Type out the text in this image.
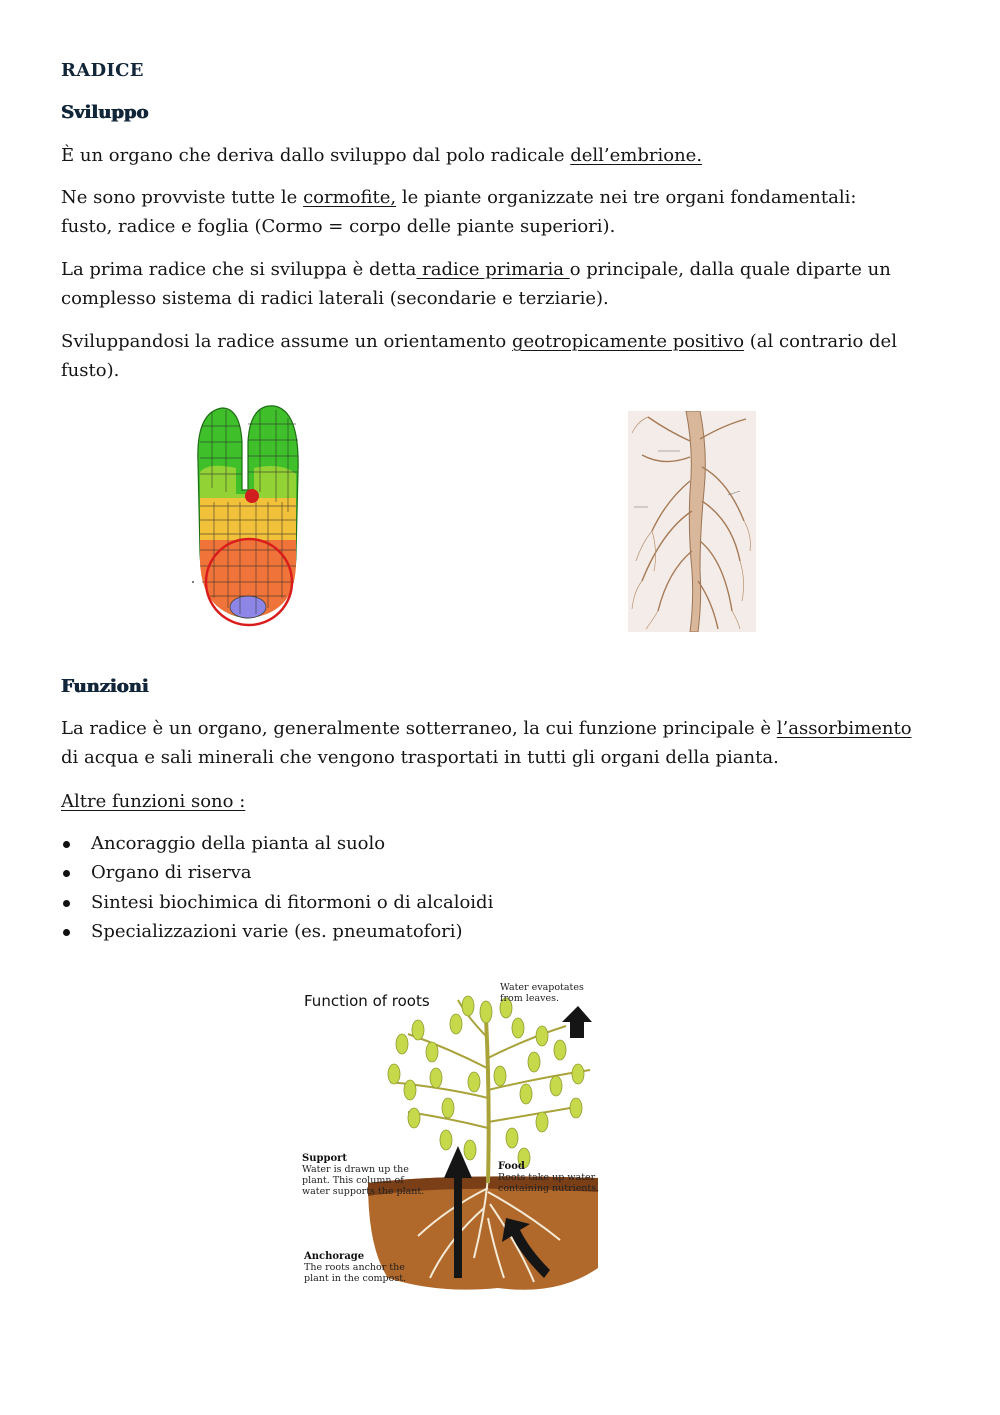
RADICE
Sviluppo

È un organo che deriva dallo sviluppo dal polo radicale dell’embrione.

Ne sono provviste tutte le cormofite, le piante organizzate nei tre organi fondamentali:
fusto, radice e foglia (Cormo = corpo delle piante superiori).

La prima radice che si sviluppa è detta radice primaria o principale, dalla quale diparte un
complesso sistema di radici laterali (secondarie e terziarie).

Sviluppandosi la radice assume un orientamento geotropicamente positivo (al contrario del
fusto).

Funzioni

La radice è un organo, generalmente sotterraneo, la cui funzione principale è l’assorbimento
di acqua e sali minerali che vengono trasportati in tutti gli organi della pianta.

Altre funzioni sono :

Ancoraggio della pianta al suolo
Organo di riserva
Sintesi biochimica di fitormoni o di alcaloidi
Specializzazioni varie (es. pneumatofori)
Function of roots
Water evapotates
from leaves.
Support
Water is drawn up the
plant. This column of
water supports the plant.
Food
Roots take up water
containing nutrients.
Anchorage
The roots anchor the
plant in the compost.
